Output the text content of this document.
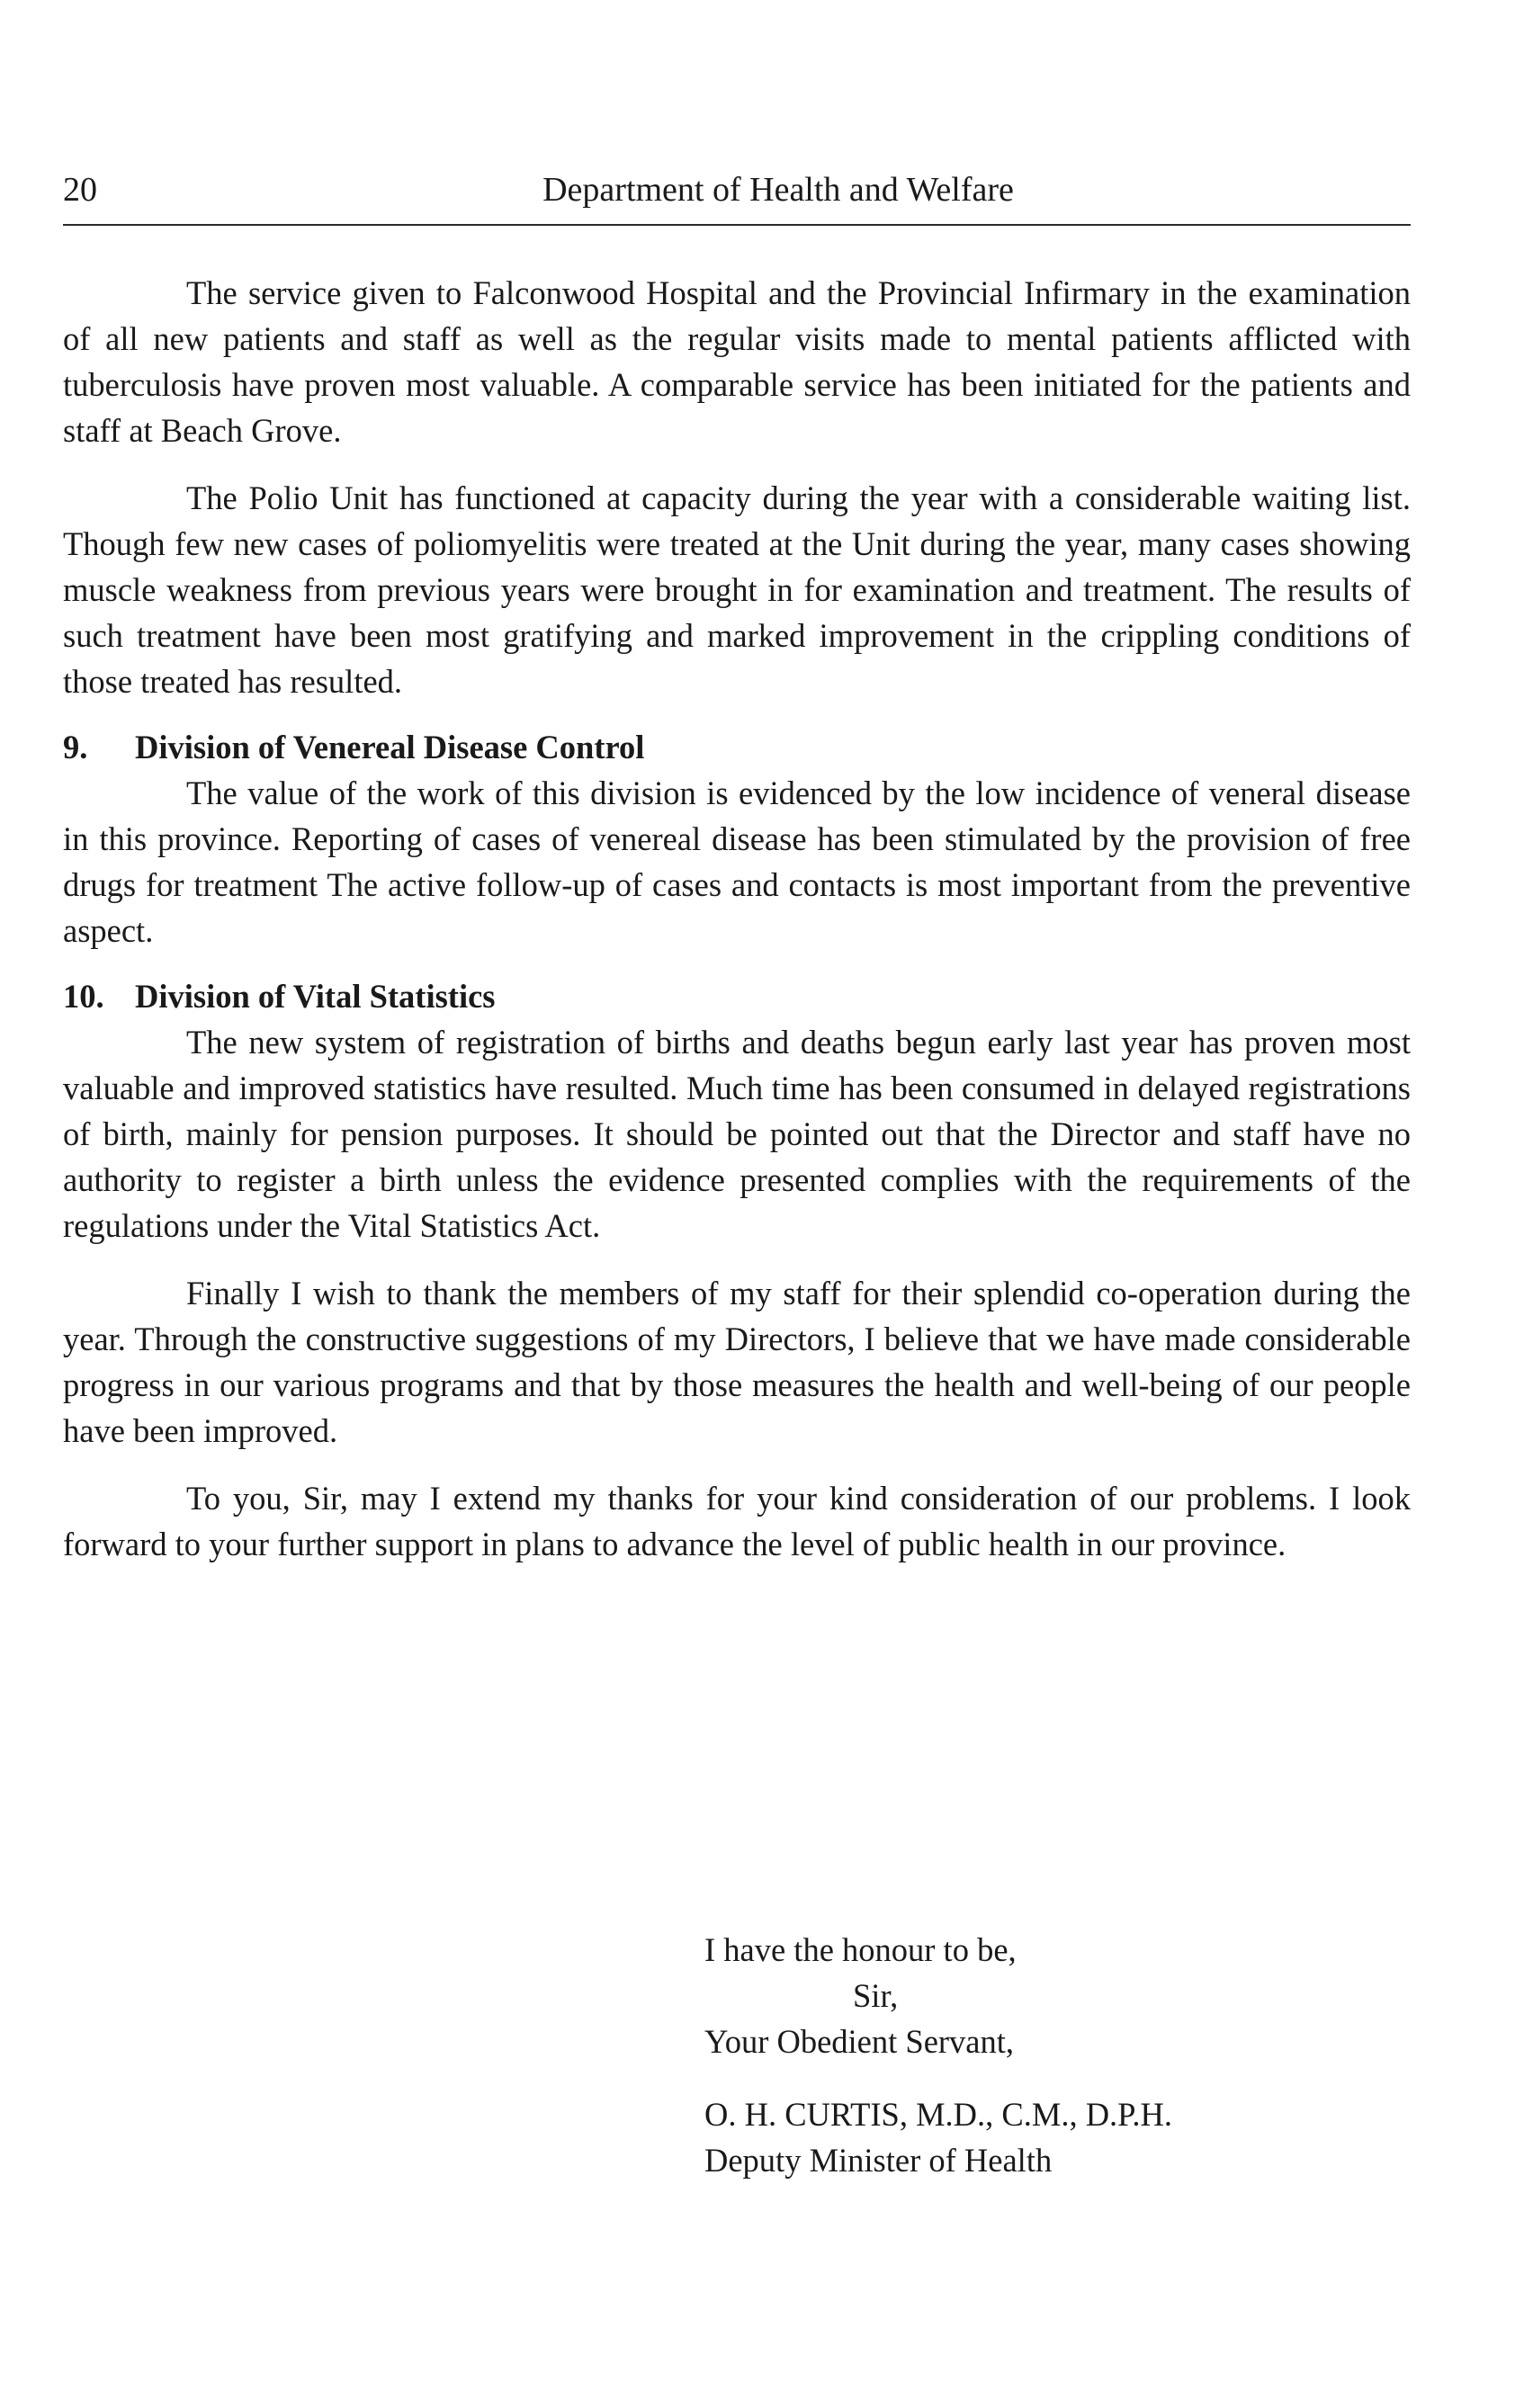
20	Department of Health and Welfare

The service given to Falconwood Hospital and the Provincial Infirmary in the examination of all new patients and staff as well as the regular visits made to mental patients afflicted with tuberculosis have proven most valuable. A comparable service has been initiated for the patients and staff at Beach Grove.

The Polio Unit has functioned at capacity during the year with a considerable waiting list. Though few new cases of poliomyelitis were treated at the Unit during the year, many cases showing muscle weakness from previous years were brought in for examination and treatment. The results of such treatment have been most gratifying and marked improvement in the crippling conditions of those treated has resulted.

9. Division of Venereal Disease Control

The value of the work of this division is evidenced by the low incidence of veneral disease in this province. Reporting of cases of venereal disease has been stimulated by the provision of free drugs for treatment The active follow-up of cases and contacts is most important from the preventive aspect.

10. Division of Vital Statistics

The new system of registration of births and deaths begun early last year has proven most valuable and improved statistics have resulted. Much time has been consumed in delayed registrations of birth, mainly for pension purposes. It should be pointed out that the Director and staff have no authority to register a birth unless the evidence presented complies with the requirements of the regulations under the Vital Statistics Act.

Finally I wish to thank the members of my staff for their splendid co-operation during the year. Through the constructive suggestions of my Directors, I believe that we have made considerable progress in our various programs and that by those measures the health and well-being of our people have been improved.

To you, Sir, may I extend my thanks for your kind consideration of our problems. I look forward to your further support in plans to advance the level of public health in our province.

I have the honour to be,
Sir,
Your Obedient Servant,
O. H. CURTIS, M.D., C.M., D.P.H.
Deputy Minister of Health
